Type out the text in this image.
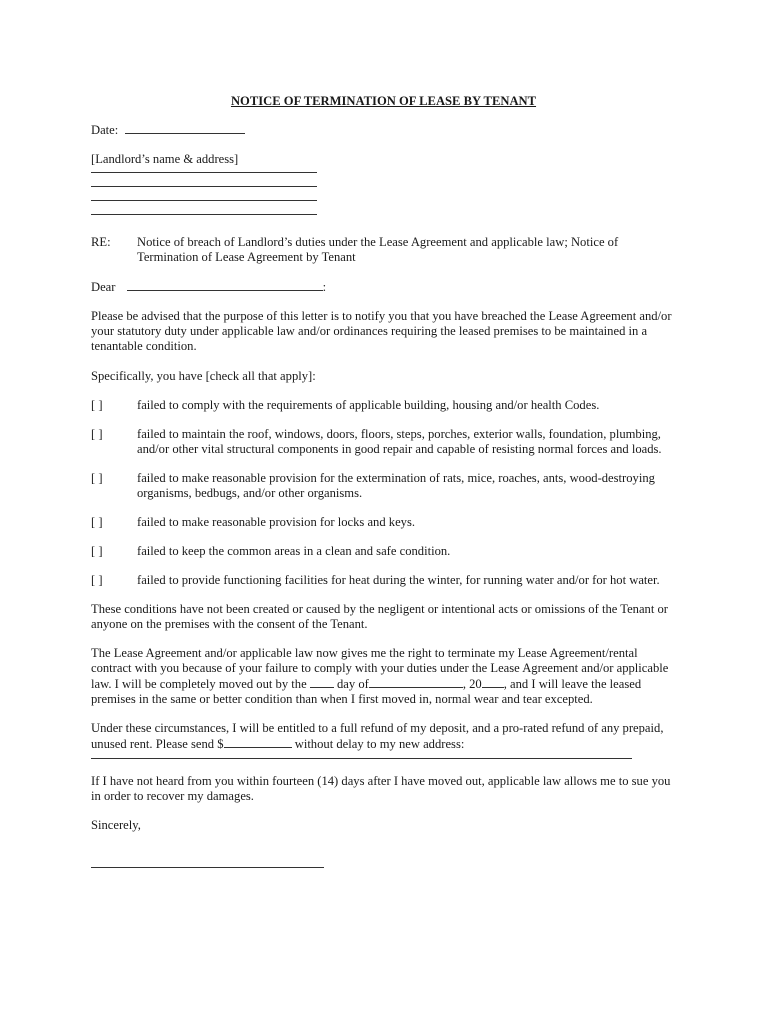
NOTICE OF TERMINATION OF LEASE BY TENANT

Date:

[Landlord’s name & address]

RE:	Notice of breach of Landlord’s duties under the Lease Agreement and applicable law; Notice of Termination of Lease Agreement by Tenant

Dear	:

Please be advised that the purpose of this letter is to notify you that you have breached the Lease Agreement and/or your statutory duty under applicable law and/or ordinances requiring the leased premises to be maintained in a tenantable condition.

Specifically, you have [check all that apply]:

[ ]	failed to comply with the requirements of applicable building, housing and/or health Codes.
[ ]	failed to maintain the roof, windows, doors, floors, steps, porches, exterior walls, foundation, plumbing, and/or other vital structural components in good repair and capable of resisting normal forces and loads.
[ ]	failed to make reasonable provision for the extermination of rats, mice, roaches, ants, wood-destroying organisms, bedbugs, and/or other organisms.
[ ]	failed to make reasonable provision for locks and keys.
[ ]	failed to keep the common areas in a clean and safe condition.
[ ]	failed to provide functioning facilities for heat during the winter, for running water and/or for hot water.

These conditions have not been created or caused by the negligent or intentional acts or omissions of the Tenant or anyone on the premises with the consent of the Tenant.

The Lease Agreement and/or applicable law now gives me the right to terminate my Lease Agreement/rental contract with you because of your failure to comply with your duties under the Lease Agreement and/or applicable law. I will be completely moved out by the day of	, 20 , and I will leave the leased premises in the same or better condition than when I first moved in, normal wear and tear excepted.

Under these circumstances, I will be entitled to a full refund of my deposit, and a pro-rated refund of any prepaid, unused rent. Please send $	without delay to my new address:

If I have not heard from you within fourteen (14) days after I have moved out, applicable law allows me to sue you in order to recover my damages.

Sincerely,
